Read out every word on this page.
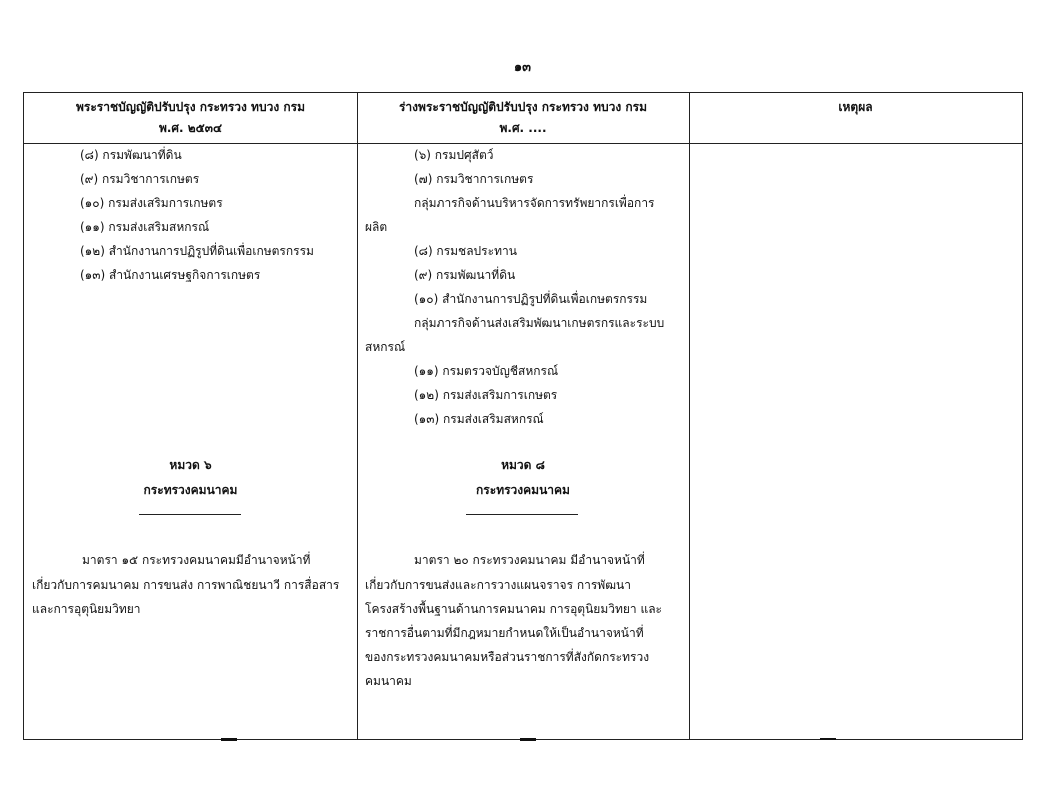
๑๓
พระราชบัญญัติปรับปรุง กระทรวง ทบวง กรม
พ.ศ. ๒๕๓๔
ร่างพระราชบัญญัติปรับปรุง กระทรวง ทบวง กรม
พ.ศ. ....
เหตุผล
(๘) กรมพัฒนาที่ดิน
(๙) กรมวิชาการเกษตร
(๑๐) กรมส่งเสริมการเกษตร
(๑๑) กรมส่งเสริมสหกรณ์
(๑๒) สำนักงานการปฏิรูปที่ดินเพื่อเกษตรกรรม
(๑๓) สำนักงานเศรษฐกิจการเกษตร
หมวด ๖
กระทรวงคมนาคม
มาตรา ๑๕ กระทรวงคมนาคมมีอำนาจหน้าที่
เกี่ยวกับการคมนาคม การขนส่ง การพาณิชยนาวี การสื่อสาร
และการอุตุนิยมวิทยา
(๖) กรมปศุสัตว์
(๗) กรมวิชาการเกษตร
กลุ่มภารกิจด้านบริหารจัดการทรัพยากรเพื่อการ
ผลิต
(๘) กรมชลประทาน
(๙) กรมพัฒนาที่ดิน
(๑๐) สำนักงานการปฏิรูปที่ดินเพื่อเกษตรกรรม
กลุ่มภารกิจด้านส่งเสริมพัฒนาเกษตรกรและระบบ
สหกรณ์
(๑๑) กรมตรวจบัญชีสหกรณ์
(๑๒) กรมส่งเสริมการเกษตร
(๑๓) กรมส่งเสริมสหกรณ์
หมวด ๘
กระทรวงคมนาคม
มาตรา ๒๐ กระทรวงคมนาคม มีอำนาจหน้าที่
เกี่ยวกับการขนส่งและการวางแผนจราจร การพัฒนา
โครงสร้างพื้นฐานด้านการคมนาคม การอุตุนิยมวิทยา และ
ราชการอื่นตามที่มีกฎหมายกำหนดให้เป็นอำนาจหน้าที่
ของกระทรวงคมนาคมหรือส่วนราชการที่สังกัดกระทรวง
คมนาคม
